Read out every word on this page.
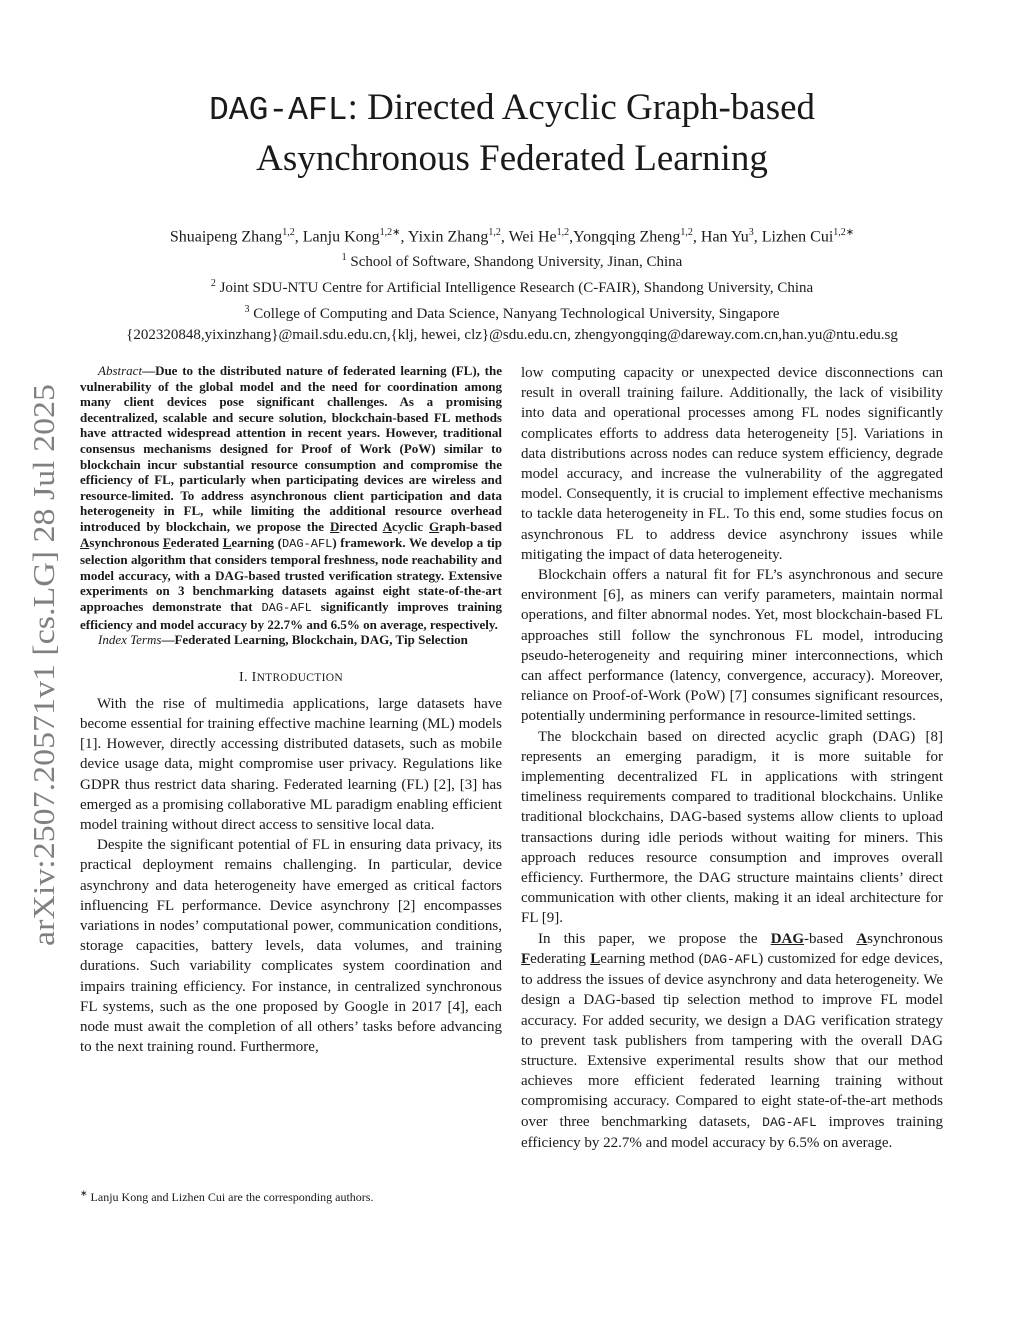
DAG-AFL: Directed Acyclic Graph-based
Asynchronous Federated Learning
Shuaipeng Zhang$^{1,2}$, Lanju Kong$^{1,2∗}$, Yixin Zhang$^{1,2}$, Wei He$^{1,2}$,Yongqing Zheng$^{1,2}$, Han Yu$^3$, Lizhen Cui$^{1,2∗}$
$^1$ School of Software, Shandong University, Jinan, China
$^2$ Joint SDU-NTU Centre for Artificial Intelligence Research (C-FAIR), Shandong University, China
$^3$ College of Computing and Data Science, Nanyang Technological University, Singapore
{202320848,yixinzhang}@mail.sdu.edu.cn,{klj, hewei, clz}@sdu.edu.cn, zhengyongqing@dareway.com.cn,han.yu@ntu.edu.sg
arXiv:2507.20571v1 [cs.LG] 28 Jul 2025

Abstract—Due to the distributed nature of federated learning (FL), the vulnerability of the global model and the need for coordination among many client devices pose significant challenges. As a promising decentralized, scalable and secure solution, blockchain-based FL methods have attracted widespread attention in recent years. However, traditional consensus mechanisms designed for Proof of Work (PoW) similar to blockchain incur substantial resource consumption and compromise the efficiency of FL, particularly when participating devices are wireless and resource-limited. To address asynchronous client participation and data heterogeneity in FL, while limiting the additional resource overhead introduced by blockchain, we propose the Directed Acyclic Graph-based Asynchronous Federated Learning (DAG-AFL) framework. We develop a tip selection algorithm that considers temporal freshness, node reachability and model accuracy, with a DAG-based trusted verification strategy. Extensive experiments on 3 benchmarking datasets against eight state-of-the-art approaches demonstrate that DAG-AFL significantly improves training efficiency and model accuracy by 22.7% and 6.5% on average, respectively.

Index Terms—Federated Learning, Blockchain, DAG, Tip Selection

I. INTRODUCTION

With the rise of multimedia applications, large datasets have become essential for training effective machine learning (ML) models [1]. However, directly accessing distributed datasets, such as mobile device usage data, might compromise user privacy. Regulations like GDPR thus restrict data sharing. Federated learning (FL) [2], [3] has emerged as a promising collaborative ML paradigm enabling efficient model training without direct access to sensitive local data.

Despite the significant potential of FL in ensuring data privacy, its practical deployment remains challenging. In particular, device asynchrony and data heterogeneity have emerged as critical factors influencing FL performance. Device asynchrony [2] encompasses variations in nodes’ computational power, communication conditions, storage capacities, battery levels, data volumes, and training durations. Such variability complicates system coordination and impairs training efficiency. For instance, in centralized synchronous FL systems, such as the one proposed by Google in 2017 [4], each node must await the completion of all others’ tasks before advancing to the next training round. Furthermore,

∗ Lanju Kong and Lizhen Cui are the corresponding authors.

low computing capacity or unexpected device disconnections can result in overall training failure. Additionally, the lack of visibility into data and operational processes among FL nodes significantly complicates efforts to address data heterogeneity [5]. Variations in data distributions across nodes can reduce system efficiency, degrade model accuracy, and increase the vulnerability of the aggregated model. Consequently, it is crucial to implement effective mechanisms to tackle data heterogeneity in FL. To this end, some studies focus on asynchronous FL to address device asynchrony issues while mitigating the impact of data heterogeneity.

Blockchain offers a natural fit for FL’s asynchronous and secure environment [6], as miners can verify parameters, maintain normal operations, and filter abnormal nodes. Yet, most blockchain-based FL approaches still follow the synchronous FL model, introducing pseudo-heterogeneity and requiring miner interconnections, which can affect performance (latency, convergence, accuracy). Moreover, reliance on Proof-of-Work (PoW) [7] consumes significant resources, potentially undermining performance in resource-limited settings.

The blockchain based on directed acyclic graph (DAG) [8] represents an emerging paradigm, it is more suitable for implementing decentralized FL in applications with stringent timeliness requirements compared to traditional blockchains. Unlike traditional blockchains, DAG-based systems allow clients to upload transactions during idle periods without waiting for miners. This approach reduces resource consumption and improves overall efficiency. Furthermore, the DAG structure maintains clients’ direct communication with other clients, making it an ideal architecture for FL [9].

In this paper, we propose the DAG-based Asynchronous Federating Learning method (DAG-AFL) customized for edge devices, to address the issues of device asynchrony and data heterogeneity. We design a DAG-based tip selection method to improve FL model accuracy. For added security, we design a DAG verification strategy to prevent task publishers from tampering with the overall DAG structure. Extensive experimental results show that our method achieves more efficient federated learning training without compromising accuracy. Compared to eight state-of-the-art methods over three benchmarking datasets, DAG-AFL improves training efficiency by 22.7% and model accuracy by 6.5% on average.
